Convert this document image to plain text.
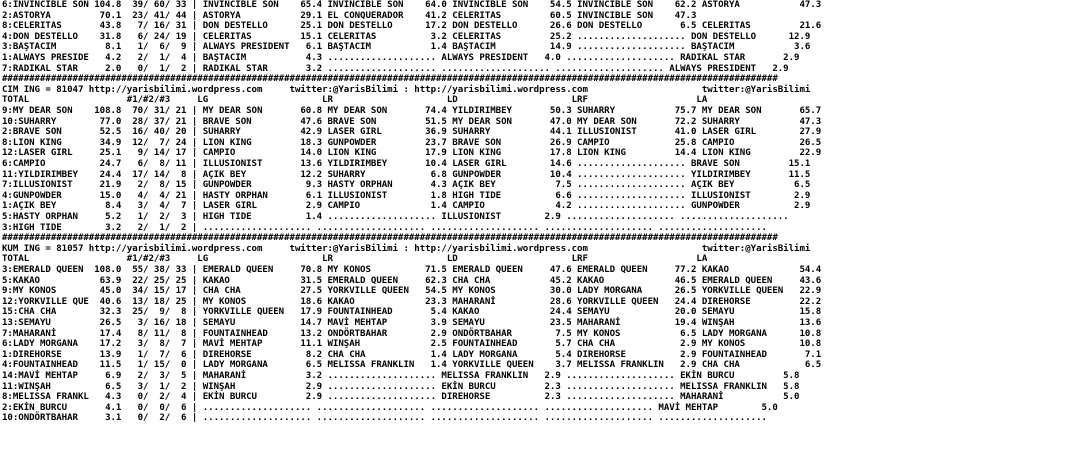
6:INVINCIBLE SON 104.8  39/ 60/ 33 | INVINCIBLE SON    65.4 INVINCIBLE SON    64.0 INVINCIBLE SON    54.5 INVINCIBLE SON    62.2 ASTORYA           47.3
2:ASTORYA         70.1  23/ 41/ 44 | ASTORYA           29.1 EL CONQUERADOR    41.2 CELERITAS         60.5 INVINCIBLE SON    47.3
8:CELERITAS       43.8   7/ 16/ 31 | DON DESTELLO      25.1 DON DESTELLO      17.2 DON DESTELLO      26.6 DON DESTELLO       6.5 CELERITAS         21.6
4:DON DESTELLO    31.8   6/ 24/ 19 | CELERITAS         15.1 CELERITAS          3.2 CELERITAS         25.2 .................... DON DESTELLO      12.9
3:BAŞTACIM         8.1   1/  6/  9 | ALWAYS PRESIDENT   6.1 BAŞTACIM           1.4 BAŞTACIM          14.9 .................... BAŞTACIM           3.6
1:ALWAYS PRESIDE   4.2   2/  1/  4 | BAŞTACIM           4.3 .................... ALWAYS PRESIDENT   4.0 .................... RADIKAL STAR       2.9
7:RADIKAL STAR     2.0   0/  1/  2 | RADIKAL STAR       3.2 .................... .................... .................... ALWAYS PRESIDENT   2.9
###############################################################################################################################################
CIM ING = 81047 http://yarisbilimi.wordpress.com     twitter:@YarisBilimi : http://yarisbilimi.wordpress.com                     twitter:@YarisBilimi
TOTAL                  #1/#2/#3     LG                     LR                     LD                     LRF                    LA
9:MY DEAR SON    108.8  70/ 31/ 21 | MY DEAR SON       60.8 MY DEAR SON       74.4 YILDIRIMBEY       50.3 SUHARRY           75.7 MY DEAR SON       65.7
10:SUHARRY        77.0  28/ 37/ 21 | BRAVE SON         47.6 BRAVE SON         51.5 MY DEAR SON       47.0 MY DEAR SON       72.2 SUHARRY           47.3
2:BRAVE SON       52.5  16/ 40/ 20 | SUHARRY           42.9 LASER GIRL        36.9 SUHARRY           44.1 ILLUSIONIST       41.0 LASER GIRL        27.9
8:LION KING       34.9  12/  7/ 24 | LION KING         18.3 GUNPOWDER         23.7 BRAVE SON         26.9 CAMPIO            25.8 CAMPIO            26.5
12:LASER GIRL     25.1   9/ 14/ 17 | CAMPIO            14.0 LION KING         17.9 LION KING         17.8 LION KING         14.4 LION KING         22.9
6:CAMPIO          24.7   6/  8/ 11 | ILLUSIONIST       13.6 YILDIRIMBEY       10.4 LASER GIRL        14.6 .................... BRAVE SON         15.1
11:YILDIRIMBEY    24.4  17/ 14/  8 | AÇIK BEY          12.2 SUHARRY            6.8 GUNPOWDER         10.4 .................... YILDIRIMBEY       11.5
7:ILLUSIONIST     21.9   2/  8/ 15 | GUNPOWDER          9.3 HASTY ORPHAN       4.3 AÇIK BEY           7.5 .................... AÇIK BEY           6.5
4:GUNPOWDER       15.0   4/  4/ 21 | HASTY ORPHAN       6.1 ILLUSIONIST        1.8 HIGH TIDE          6.6 .................... ILLUSIONIST        2.9
1:AÇIK BEY         8.4   3/  4/  7 | LASER GIRL         2.9 CAMPIO             1.4 CAMPIO             4.2 .................... GUNPOWDER          2.9
5:HASTY ORPHAN     5.2   1/  2/  3 | HIGH TIDE          1.4 .................... ILLUSIONIST        2.9 .................... ....................
3:HIGH TIDE        3.2   2/  1/  2 | .................... .................... .................... .................... ....................
###############################################################################################################################################
KUM ING = 81057 http://yarisbilimi.wordpress.com     twitter:@YarisBilimi : http://yarisbilimi.wordpress.com                     twitter:@YarisBilimi
TOTAL                  #1/#2/#3     LG                     LR                     LD                     LRF                    LA
3:EMERALD QUEEN  108.0  55/ 38/ 33 | EMERALD QUEEN     70.8 MY KONOS          71.5 EMERALD QUEEN     47.6 EMERALD QUEEN     77.2 KAKAO             54.4
5:KAKAO           63.9  22/ 25/ 25 | KAKAO             31.5 EMERALD QUEEN     62.3 CHA CHA           45.2 KAKAO             46.5 EMERALD QUEEN     43.6
9:MY KONOS        45.0  34/ 15/ 17 | CHA CHA           27.5 YORKVILLE QUEEN   54.5 MY KONOS          30.0 LADY MORGANA      26.5 YORKVILLE QUEEN   22.9
12:YORKVILLE QUE  40.6  13/ 18/ 25 | MY KONOS          18.6 KAKAO             23.3 MAHARANİ          28.6 YORKVILLE QUEEN   24.4 DIREHORSE         22.2
15:CHA CHA        32.3  25/  9/  8 | YORKVILLE QUEEN   17.9 FOUNTAINHEAD       5.4 KAKAO             24.4 SEMAYU            20.0 SEMAYU            15.8
13:SEMAYU         26.5   3/ 16/ 18 | SEMAYU            14.7 MAVİ MEHTAP        3.9 SEMAYU            23.5 MAHARANİ          19.4 WINŞAH            13.6
7:MAHARANİ        17.4   8/ 11/  8 | FOUNTAINHEAD      13.2 ONDÖRTBAHAR        2.9 ONDÖRTBAHAR        7.5 MY KONOS           6.5 LADY MORGANA      10.8
6:LADY MORGANA    17.2   3/  8/  7 | MAVİ MEHTAP       11.1 WINŞAH             2.5 FOUNTAINHEAD       5.7 CHA CHA            2.9 MY KONOS          10.8
1:DIREHORSE       13.9   1/  7/  6 | DIREHORSE          8.2 CHA CHA            1.4 LADY MORGANA       5.4 DIREHORSE          2.9 FOUNTAINHEAD       7.1
4:FOUNTAINHEAD    11.5   1/ 15/  0 | LADY MORGANA       6.5 MELISSA FRANKLIN   1.4 YORKVILLE QUEEN    3.7 MELISSA FRANKLIN   2.9 CHA CHA            6.5
14:MAVİ MEHTAP     6.9   2/  3/  5 | MAHARANİ           3.2 .................... MELISSA FRANKLIN   2.9 .................... EKİN BURCU         5.8
11:WINŞAH          6.5   3/  1/  2 | WINŞAH             2.9 .................... EKİN BURCU         2.3 .................... MELISSA FRANKLIN   5.8
8:MELISSA FRANKL   4.3   0/  2/  4 | EKİN BURCU         2.9 .................... DIREHORSE          2.3 .................... MAHARANİ           5.0
2:EKİN BURCU       4.1   0/  0/  6 | .................... .................... .................... .................... MAVİ MEHTAP        5.0
10:ONDÖRTBAHAR     3.1   0/  2/  6 | .................... .................... .................... .................... ....................
